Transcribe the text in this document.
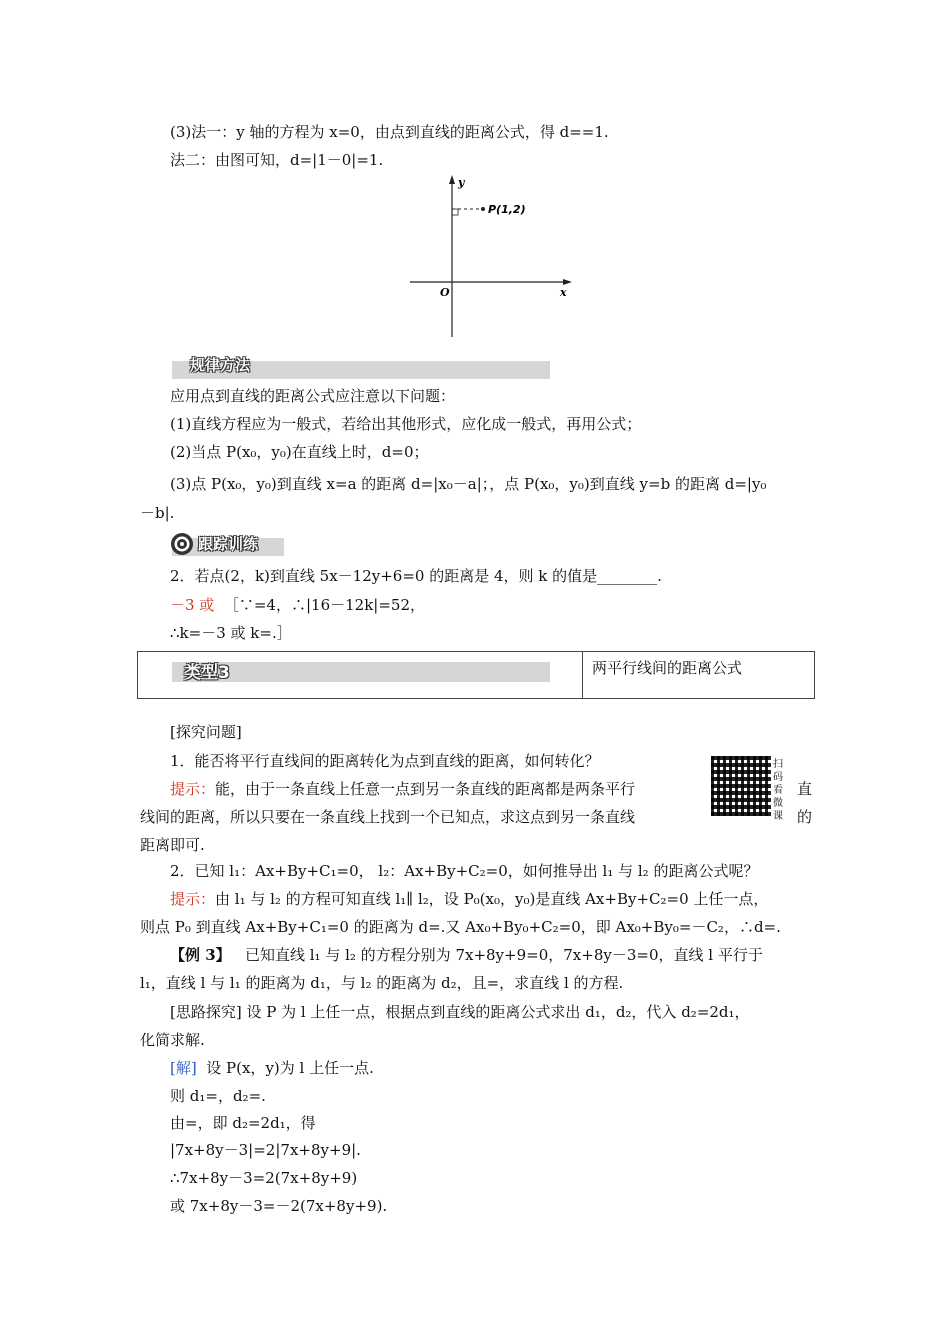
(3)法一：y 轴的方程为 x=0，由点到直线的距离公式，得 d==1.
法二：由图可知，d=|1－0|=1.
y
x
O
P(1,2)
规律方法
应用点到直线的距离公式应注意以下问题：
(1)直线方程应为一般式，若给出其他形式，应化成一般式，再用公式；
(2)当点 P(x₀，y₀)在直线上时，d=0；
(3)点 P(x₀，y₀)到直线 x=a 的距离 d=|x₀－a|；，点 P(x₀，y₀)到直线 y=b 的距离 d=|y₀
－b|.
跟踪训练
2．若点(2，k)到直线 5x－12y+6=0 的距离是 4，则 k 的值是________.
－3 或 ［∵=4，∴|16－12k|=52，
∴k=－3 或 k=.］
类型3	两平行线间的距离公式
[探究问题]
1．能否将平行直线间的距离转化为点到直线的距离，如何转化？
提示：能，由于一条直线上任意一点到另一条直线的距离都是两条平行	直
线间的距离，所以只要在一条直线上找到一个已知点，求这点到另一条直线	的
距离即可.
扫
码
看
微
课
2．已知 l₁：Ax+By+C₁=0， l₂：Ax+By+C₂=0，如何推导出 l₁ 与 l₂ 的距离公式呢？
提示：由 l₁ 与 l₂ 的方程可知直线 l₁∥ l₂，设 P₀(x₀，y₀)是直线 Ax+By+C₂=0 上任一点，
则点 P₀ 到直线 Ax+By+C₁=0 的距离为 d=.又 Ax₀+By₀+C₂=0，即 Ax₀+By₀=－C₂，∴d=.
【例 3】 已知直线 l₁ 与 l₂ 的方程分别为 7x+8y+9=0，7x+8y－3=0，直线 l 平行于
l₁，直线 l 与 l₁ 的距离为 d₁，与 l₂ 的距离为 d₂，且=，求直线 l 的方程.
[思路探究] 设 P 为 l 上任一点，根据点到直线的距离公式求出 d₁，d₂，代入 d₂=2d₁，
化简求解.
[解] 设 P(x，y)为 l 上任一点.
则 d₁=，d₂=.
由=，即 d₂=2d₁，得
|7x+8y－3|=2|7x+8y+9|.
∴7x+8y－3=2(7x+8y+9)
或 7x+8y－3=－2(7x+8y+9).
